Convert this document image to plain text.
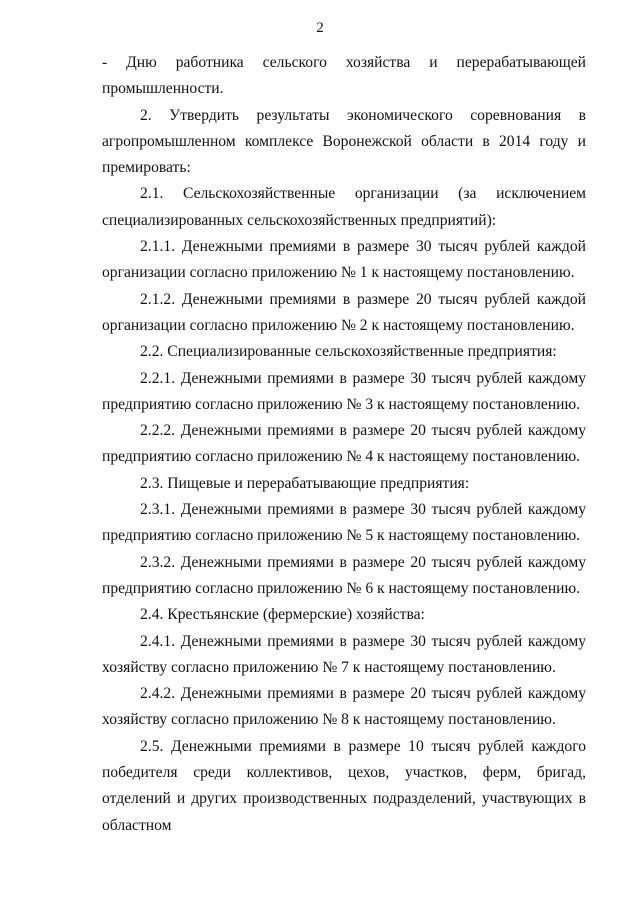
2

- Дню работника сельского хозяйства и перерабатывающей промышленности.

2. Утвердить результаты экономического соревнования в агропромышленном комплексе Воронежской области в 2014 году и премировать:

2.1. Сельскохозяйственные организации (за исключением специализированных сельскохозяйственных предприятий):

2.1.1. Денежными премиями в размере 30 тысяч рублей каждой организации согласно приложению № 1 к настоящему постановлению.

2.1.2. Денежными премиями в размере 20 тысяч рублей каждой организации согласно приложению № 2 к настоящему постановлению.

2.2. Специализированные сельскохозяйственные предприятия:

2.2.1. Денежными премиями в размере 30 тысяч рублей каждому предприятию согласно приложению № 3 к настоящему постановлению.

2.2.2. Денежными премиями в размере 20 тысяч рублей каждому предприятию согласно приложению № 4 к настоящему постановлению.

2.3. Пищевые и перерабатывающие предприятия:

2.3.1. Денежными премиями в размере 30 тысяч рублей каждому предприятию согласно приложению № 5 к настоящему постановлению.

2.3.2. Денежными премиями в размере 20 тысяч рублей каждому предприятию согласно приложению № 6 к настоящему постановлению.

2.4. Крестьянские (фермерские) хозяйства:

2.4.1. Денежными премиями в размере 30 тысяч рублей каждому хозяйству согласно приложению № 7 к настоящему постановлению.

2.4.2. Денежными премиями в размере 20 тысяч рублей каждому хозяйству согласно приложению № 8 к настоящему постановлению.

2.5. Денежными премиями в размере 10 тысяч рублей каждого победителя среди коллективов, цехов, участков, ферм, бригад, отделений и других производственных подразделений, участвующих в областном
